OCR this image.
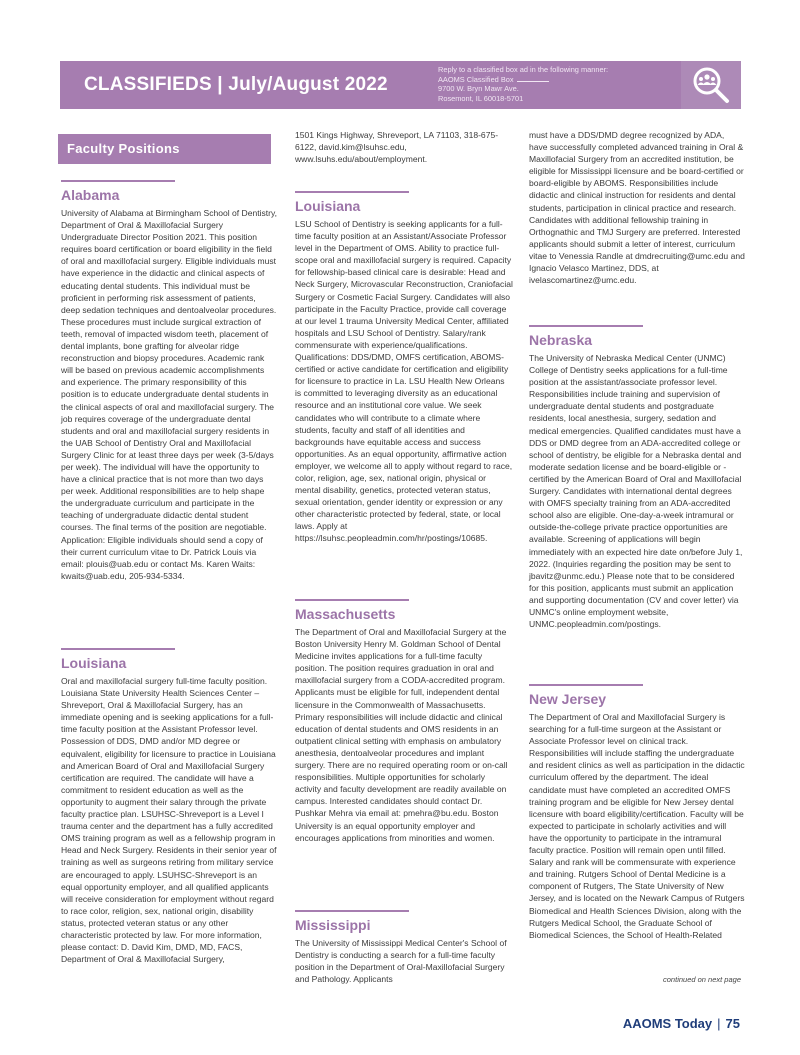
CLASSIFIEDS | July/August 2022
Reply to a classified box ad in the following manner:
AAOMS Classified Box
9700 W. Bryn Mawr Ave.
Rosemont, IL 60018-5701
Faculty Positions
Alabama

University of Alabama at Birmingham School of Dentistry, Department of Oral & Maxillofacial Surgery Undergraduate Director Position 2021. This position requires board certification or board eligibility in the field of oral and maxillofacial surgery. Eligible individuals must have experience in the didactic and clinical aspects of educating dental students. This individual must be proficient in performing risk assessment of patients, deep sedation techniques and dentoalveolar procedures. These procedures must include surgical extraction of teeth, removal of impacted wisdom teeth, placement of dental implants, bone grafting for alveolar ridge reconstruction and biopsy procedures. Academic rank will be based on previous academic accomplishments and experience. The primary responsibility of this position is to educate undergraduate dental students in the clinical aspects of oral and maxillofacial surgery. The job requires coverage of the undergraduate dental students and oral and maxillofacial surgery residents in the UAB School of Dentistry Oral and Maxillofacial Surgery Clinic for at least three days per week (3-5/days per week). The individual will have the opportunity to have a clinical practice that is not more than two days per week. Additional responsibilities are to help shape the undergraduate curriculum and participate in the teaching of undergraduate didactic dental student courses. The final terms of the position are negotiable. Application: Eligible individuals should send a copy of their current curriculum vitae to Dr. Patrick Louis via email: plouis@uab.edu or contact Ms. Karen Waits: kwaits@uab.edu, 205-934-5334.

Louisiana

Oral and maxillofacial surgery full-time faculty position. Louisiana State University Health Sciences Center – Shreveport, Oral & Maxillofacial Surgery, has an immediate opening and is seeking applications for a full-time faculty position at the Assistant Professor level. Possession of DDS, DMD and/or MD degree or equivalent, eligibility for licensure to practice in Louisiana and American Board of Oral and Maxillofacial Surgery certification are required. The candidate will have a commitment to resident education as well as the opportunity to augment their salary through the private faculty practice plan. LSUHSC-Shreveport is a Level I trauma center and the department has a fully accredited OMS training program as well as a fellowship program in Head and Neck Surgery. Residents in their senior year of training as well as surgeons retiring from military service are encouraged to apply. LSUHSC-Shreveport is an equal opportunity employer, and all qualified applicants will receive consideration for employment without regard to race color, religion, sex, national origin, disability status, protected veteran status or any other characteristic protected by law. For more information, please contact: D. David Kim, DMD, MD, FACS, Department of Oral & Maxillofacial Surgery,

1501 Kings Highway, Shreveport, LA 71103, 318-675-6122, david.kim@lsuhsc.edu, www.lsuhs.edu/about/employment.

Louisiana

LSU School of Dentistry is seeking applicants for a full-time faculty position at an Assistant/Associate Professor level in the Department of OMS. Ability to practice full-scope oral and maxillofacial surgery is required. Capacity for fellowship-based clinical care is desirable: Head and Neck Surgery, Microvascular Reconstruction, Craniofacial Surgery or Cosmetic Facial Surgery. Candidates will also participate in the Faculty Practice, provide call coverage at our level 1 trauma University Medical Center, affiliated hospitals and LSU School of Dentistry. Salary/rank commensurate with experience/qualifications. Qualifications: DDS/DMD, OMFS certification, ABOMS-certified or active candidate for certification and eligibility for licensure to practice in La. LSU Health New Orleans is committed to leveraging diversity as an educational resource and an institutional core value. We seek candidates who will contribute to a climate where students, faculty and staff of all identities and backgrounds have equitable access and success opportunities. As an equal opportunity, affirmative action employer, we welcome all to apply without regard to race, color, religion, age, sex, national origin, physical or mental disability, genetics, protected veteran status, sexual orientation, gender identity or expression or any other characteristic protected by federal, state, or local laws. Apply at https://lsuhsc.peopleadmin.com/hr/postings/10685.

Massachusetts

The Department of Oral and Maxillofacial Surgery at the Boston University Henry M. Goldman School of Dental Medicine invites applications for a full-time faculty position. The position requires graduation in oral and maxillofacial surgery from a CODA-accredited program. Applicants must be eligible for full, independent dental licensure in the Commonwealth of Massachusetts. Primary responsibilities will include didactic and clinical education of dental students and OMS residents in an outpatient clinical setting with emphasis on ambulatory anesthesia, dentoalveolar procedures and implant surgery. There are no required operating room or on-call responsibilities. Multiple opportunities for scholarly activity and faculty development are readily available on campus. Interested candidates should contact Dr. Pushkar Mehra via email at: pmehra@bu.edu. Boston University is an equal opportunity employer and encourages applications from minorities and women.

Mississippi

The University of Mississippi Medical Center's School of Dentistry is conducting a search for a full-time faculty position in the Department of Oral-Maxillofacial Surgery and Pathology. Applicants

must have a DDS/DMD degree recognized by ADA, have successfully completed advanced training in Oral & Maxillofacial Surgery from an accredited institution, be eligible for Mississippi licensure and be board-certified or board-eligible by ABOMS. Responsibilities include didactic and clinical instruction for residents and dental students, participation in clinical practice and research. Candidates with additional fellowship training in Orthognathic and TMJ Surgery are preferred. Interested applicants should submit a letter of interest, curriculum vitae to Venessia Randle at dmdrecruiting@umc.edu and Ignacio Velasco Martinez, DDS, at ivelascomartinez@umc.edu.

Nebraska

The University of Nebraska Medical Center (UNMC) College of Dentistry seeks applications for a full-time position at the assistant/associate professor level. Responsibilities include training and supervision of undergraduate dental students and postgraduate residents, local anesthesia, surgery, sedation and medical emergencies. Qualified candidates must have a DDS or DMD degree from an ADA-accredited college or school of dentistry, be eligible for a Nebraska dental and moderate sedation license and be board-eligible or -certified by the American Board of Oral and Maxillofacial Surgery. Candidates with international dental degrees with OMFS specialty training from an ADA-accredited school also are eligible. One-day-a-week intramural or outside-the-college private practice opportunities are available. Screening of applications will begin immediately with an expected hire date on/before July 1, 2022. (Inquiries regarding the position may be sent to jbavitz@unmc.edu.) Please note that to be considered for this position, applicants must submit an application and supporting documentation (CV and cover letter) via UNMC's online employment website, UNMC.peopleadmin.com/postings.

New Jersey

The Department of Oral and Maxillofacial Surgery is searching for a full-time surgeon at the Assistant or Associate Professor level on clinical track. Responsibilities will include staffing the undergraduate and resident clinics as well as participation in the didactic curriculum offered by the department. The ideal candidate must have completed an accredited OMFS training program and be eligible for New Jersey dental licensure with board eligibility/certification. Faculty will be expected to participate in scholarly activities and will have the opportunity to participate in the intramural faculty practice. Position will remain open until filled. Salary and rank will be commensurate with experience and training. Rutgers School of Dental Medicine is a component of Rutgers, The State University of New Jersey, and is located on the Newark Campus of Rutgers Biomedical and Health Sciences Division, along with the Rutgers Medical School, the Graduate School of Biomedical Sciences, the School of Health-Related

continued on next page
AAOMS Today | 75
